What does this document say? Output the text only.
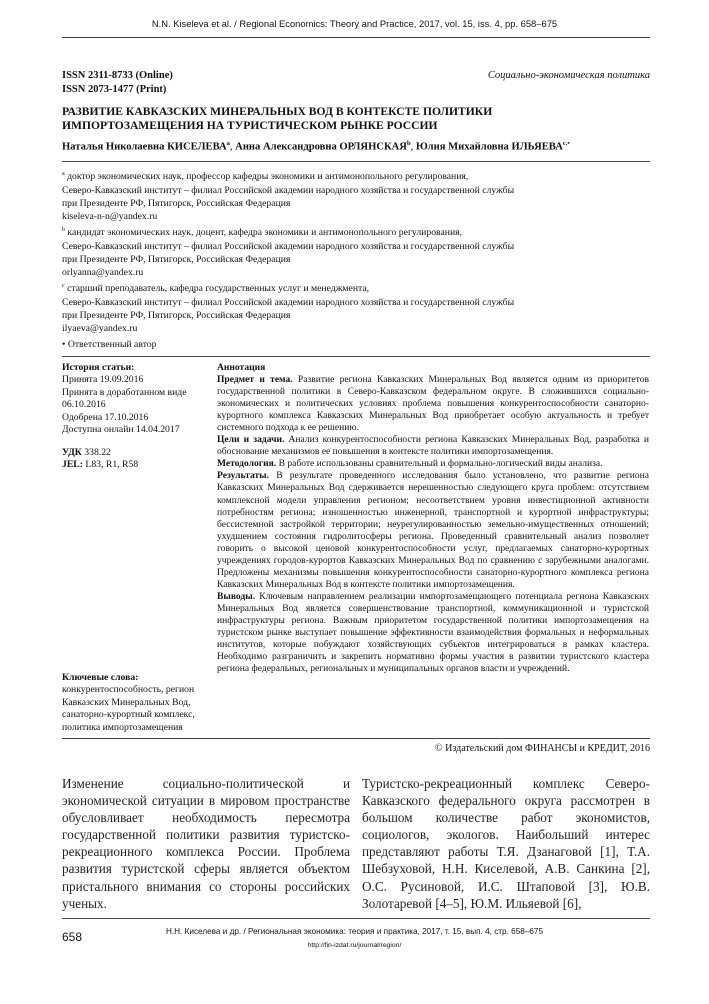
N.N. Kiseleva et al. / Regional Economics: Theory and Practice, 2017, vol. 15, iss. 4, pp. 658–675
ISSN 2311-8733 (Online)
ISSN 2073-1477 (Print)
Социально-экономическая политика
РАЗВИТИЕ КАВКАЗСКИХ МИНЕРАЛЬНЫХ ВОД В КОНТЕКСТЕ ПОЛИТИКИ
ИМПОРТОЗАМЕЩЕНИЯ НА ТУРИСТИЧЕСКОМ РЫНКЕ РОССИИ
Наталья Николаевна КИСЕЛЕВА$^a$, Анна Александровна ОРЛЯНСКАЯ$^b$, Юлия Михайловна $ИЛЬЯЕВА^{c,•}$
$^a$ доктор экономических наук, профессор кафедры экономики и антимонопольного регулирования,
Северо-Кавказский институт – филиал Российской академии народного хозяйства и государственной службы
при Президенте РФ, Пятигорск, Российская Федерация
kiseleva-n-n@yandex.ru
$^b$ кандидат экономических наук, доцент, кафедра экономики и антимонопольного регулирования,
Северо-Кавказский институт – филиал Российской академии народного хозяйства и государственной службы
при Президенте РФ, Пятигорск, Российская Федерация
orlyanna@yandex.ru
$^c$ старший преподаватель, кафедра государственных услуг и менеджмента,
Северо-Кавказский институт – филиал Российской академии народного хозяйства и государственной службы
при Президенте РФ, Пятигорск, Российская Федерация
ilyaeva@yandex.ru
• Ответственный автор
История статьи:
Принята 19.09.2016
Принята в доработанном виде
06.10.2016
Одобрена 17.10.2016
Доступна онлайн 14.04.2017
УДК 338.22
JEL: L83, R1, R58
Ключевые слова:
конкурентоспособность, регион
Кавказских Минеральных Вод,
санаторно-курортный комплекс,
политика импортозамещения
Аннотация

Предмет и тема. Развитие региона Кавказских Минеральных Вод является одним из приоритетов государственной политики в Северо-Кавказском федеральном округе. В сложившихся социально-экономических и политических условиях проблема повышения конкурентоспособности санаторно-курортного комплекса Кавказских Минеральных Вод приобретает особую актуальность и требует системного подхода к ее решению.

Цели и задачи. Анализ конкурентоспособности региона Кавказских Минеральных Вод, разработка и обоснование механизмов ее повышения в контексте политики импортозамещения.

Методология. В работе использованы сравнительный и формально-логический виды анализа.

Результаты. В результате проведенного исследования было установлено, что развитие региона Кавказских Минеральных Вод сдерживается нерешенностью следующего круга проблем: отсутствием комплексной модели управления регионом; несоответствием уровня инвестиционной активности потребностям региона; изношенностью инженерной, транспортной и курортной инфраструктуры; бессистемной застройкой территории; неурегулированностью земельно-имущественных отношений; ухудшением состояния гидролитосферы региона. Проведенный сравнительный анализ позволяет говорить о высокой ценовой конкурентоспособности услуг, предлагаемых санаторно-курортных учреждениях городов-курортов Кавказских Минеральных Вод по сравнению с зарубежными аналогами. Предложены механизмы повышения конкурентоспособности санаторно-курортного комплекса региона Кавказских Минеральных Вод в контексте политики импортозамещения.

Выводы. Ключевым направлением реализации импортозамещающего потенциала региона Кавказских Минеральных Вод является совершенствование транспортной, коммуникационной и туристской инфраструктуры региона. Важным приоритетом государственной политики импортозамещения на туристском рынке выступает повышение эффективности взаимодействия формальных и неформальных институтов, которые побуждают хозяйствующих субъектов интегрироваться в рамках кластера. Необходимо разграничить и закрепить нормативно формы участия в развитии туристского кластера региона федеральных, региональных и муниципальных органов власти и учреждений.

© Издательский дом ФИНАНСЫ и КРЕДИТ, 2016
Изменение социально-политической и экономической ситуации в мировом пространстве обусловливает необходимость пересмотра государственной политики развития туристско-рекреационного комплекса России. Проблема развития туристской сферы является объектом пристального внимания со стороны российских ученых.
Туристско-рекреационный комплекс Северо-Кавказского федерального округа рассмотрен в большом количестве работ экономистов, социологов, экологов. Наибольший интерес представляют работы Т.Я. Дзанаговой [1], Т.А. Шебзуховой, Н.Н. Киселевой, А.В. Санкина [2], О.С. Русиновой, И.С. Штаповой [3], Ю.В. Золотаревой [4–5], Ю.М. Ильяевой [6],
658	Н.Н. Киселева и др. / Региональная экономика: теория и практика, 2017, т. 15, вып. 4, стр. 658–675
http://fin-izdat.ru/journal/region/
